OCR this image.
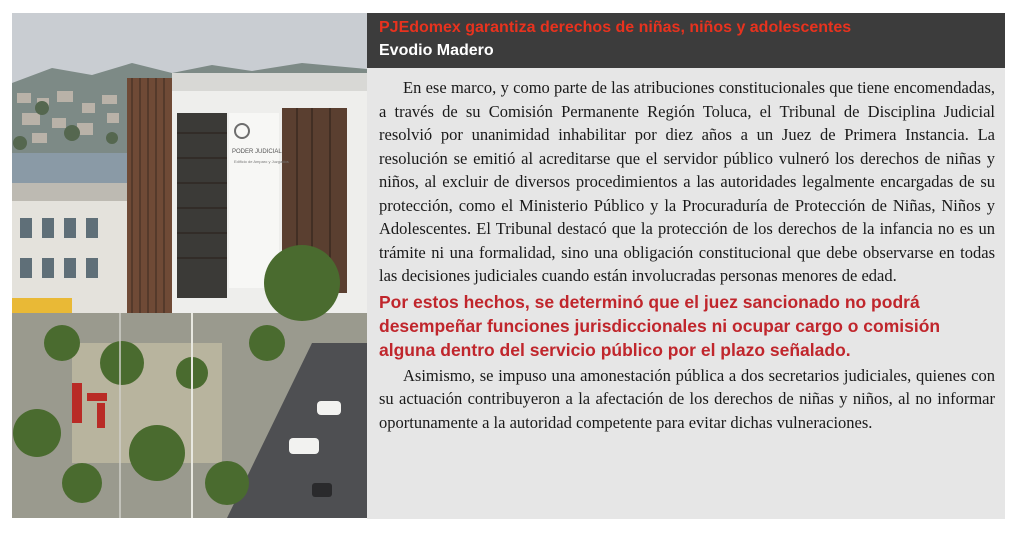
PODER JUDICIAL
Edificio de Amparo y Juzgados
PJEdomex garantiza derechos de niñas, niños y adolescentes
Evodio Madero

En ese marco, y como parte de las atribuciones constitucionales que tiene encomendadas, a través de su Comisión Permanente Región Toluca, el Tribunal de Disciplina Judicial resolvió por unanimidad inhabilitar por diez años a un Juez de Primera Instancia. La resolución se emitió al acreditarse que el servidor público vulneró los derechos de niñas y niños, al excluir de diversos procedimientos a las autoridades legalmente encargadas de su protección, como el Ministerio Público y la Procuraduría de Protección de Niñas, Niños y Adolescentes. El Tribunal destacó que la protección de los derechos de la infancia no es un trámite ni una formalidad, sino una obligación constitucional que debe observarse en todas las decisiones judiciales cuando están involucradas personas menores de edad.

Por estos hechos, se determinó que el juez sancionado no podrá desempeñar funciones jurisdiccionales ni ocupar cargo o comisión alguna dentro del servicio público por el plazo señalado.

Asimismo, se impuso una amonestación pública a dos secretarios judiciales, quienes con su actuación contribuyeron a la afectación de los derechos de niñas y niños, al no informar oportunamente a la autoridad competente para evitar dichas vulneraciones.
